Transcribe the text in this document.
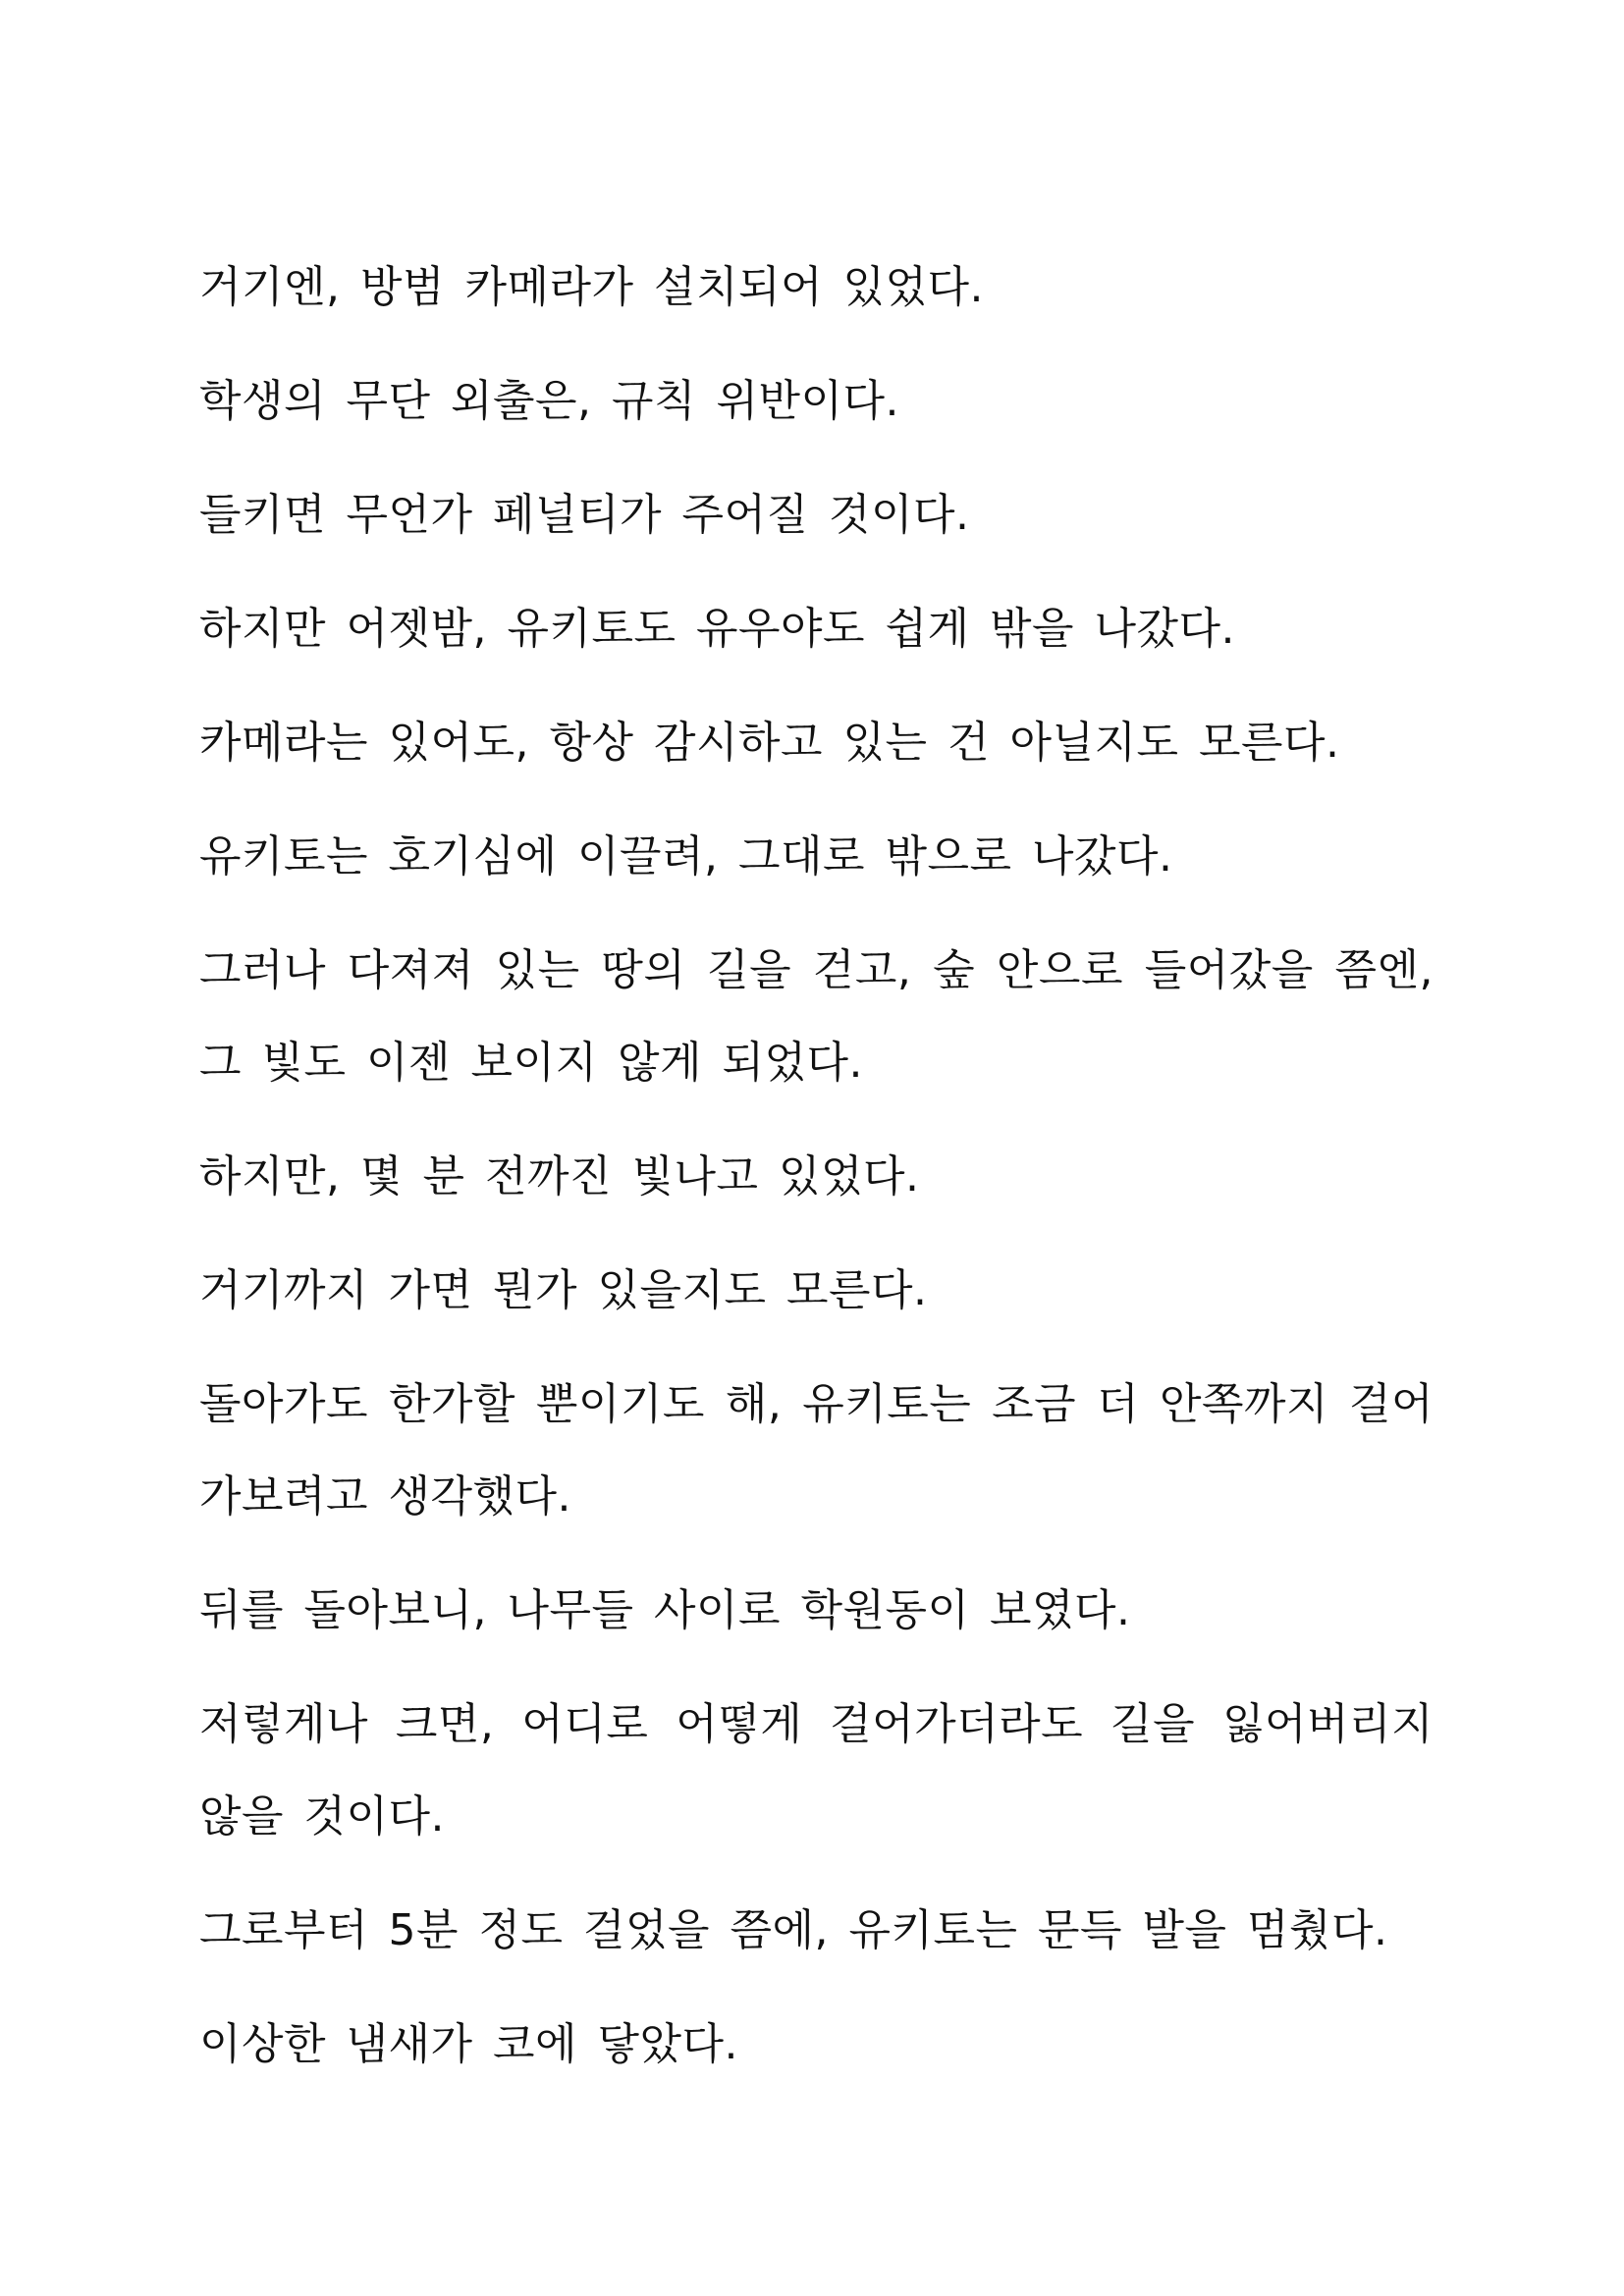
거기엔, 방범 카메라가 설치되어 있었다.

학생의 무단 외출은, 규칙 위반이다.

들키면 무언가 페널티가 주어질 것이다.

하지만 어젯밤, 유키토도 유우야도 쉽게 밖을 나갔다.

카메라는 있어도, 항상 감시하고 있는 건 아닐지도 모른다.

유키토는 호기심에 이끌려, 그대로 밖으로 나갔다.

그러나 다져져 있는 땅의 길을 걷고, 숲 안으로 들어갔을 쯤엔, 그 빛도 이젠 보이지 않게 되었다.

하지만, 몇 분 전까진 빛나고 있었다.

거기까지 가면 뭔가 있을지도 모른다.

돌아가도 한가할 뿐이기도 해, 유키토는 조금 더 안쪽까지 걸어가보려고 생각했다.

뒤를 돌아보니, 나무들 사이로 학원동이 보였다.

저렇게나 크면, 어디로 어떻게 걸어가더라도 길을 잃어버리지 않을 것이다.

그로부터 5분 정도 걸었을 쯤에, 유키토는 문득 발을 멈췄다.

이상한 냄새가 코에 닿았다.
